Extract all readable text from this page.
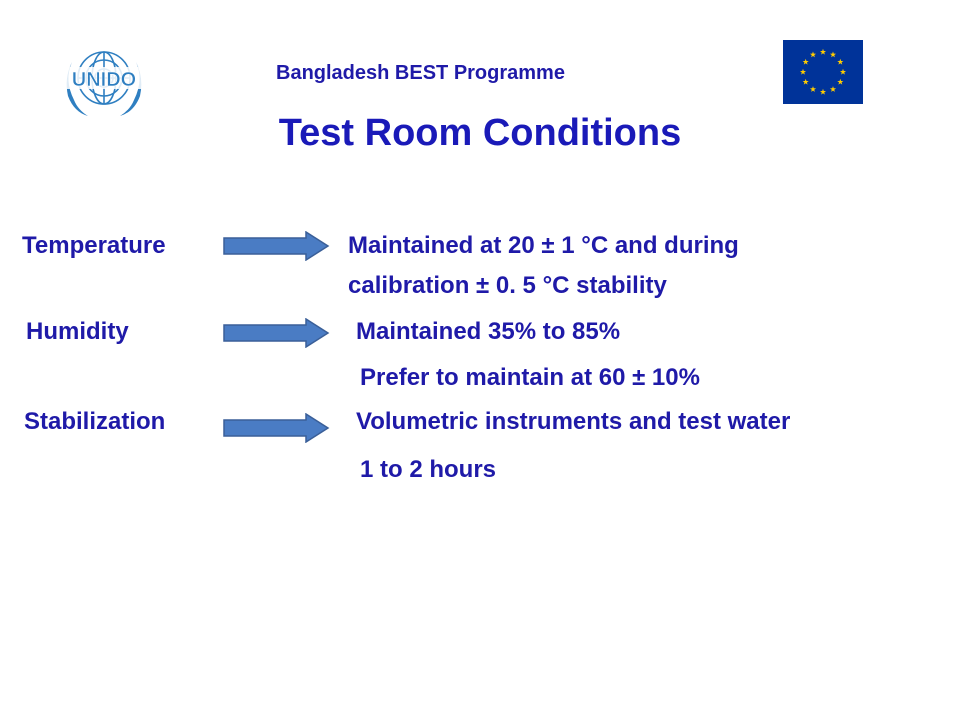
UNIDO	Bangladesh BEST Programme
Test Room Conditions
Temperature	Maintained at 20 ± 1 °C and during
calibration ± 0. 5 °C stability
Humidity	Maintained 35% to 85%
Prefer to maintain at 60 ± 10%
Stabilization	Volumetric instruments and test water
1 to 2 hours
